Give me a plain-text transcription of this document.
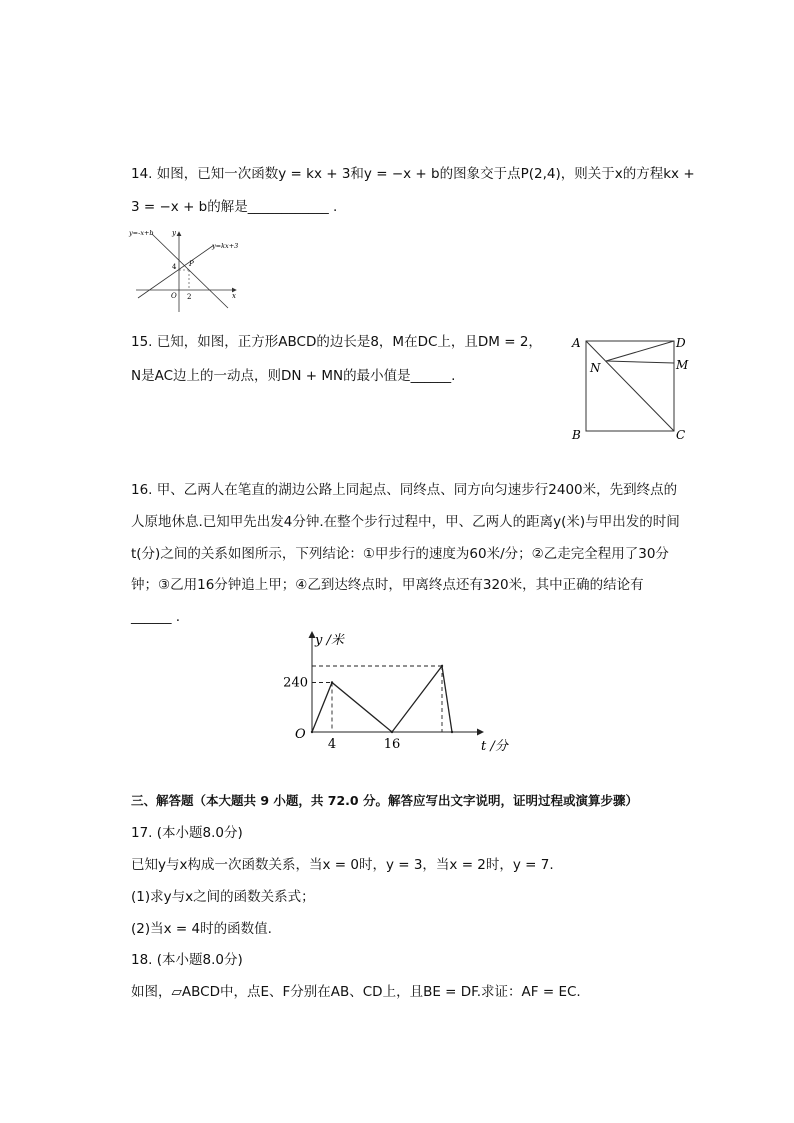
14. 如图，已知一次函数y = kx + 3和y = −x + b的图象交于点P(2,4)，则关于x的方程kx +
3 = −x + b的解是____________ .
y=-x+b
y=kx+3
y
x
P
O
4
2
15. 已知，如图，正方形ABCD的边长是8，M在DC上，且DM = 2，
N是AC边上的一动点，则DN + MN的最小值是______.
A	D
M
N
B	C
16. 甲、乙两人在笔直的湖边公路上同起点、同终点、同方向匀速步行2400米，先到终点的
人原地休息.已知甲先出发4分钟.在整个步行过程中，甲、乙两人的距离y(米)与甲出发的时间
t(分)之间的关系如图所示，下列结论：①甲步行的速度为60米/分；②乙走完全程用了30分
钟；③乙用16分钟追上甲；④乙到达终点时，甲离终点还有320米，其中正确的结论有
______ .
y /米
t /分
O
4	16
240
三、解答题（本大题共 9 小题，共 72.0 分。解答应写出文字说明，证明过程或演算步骤）
17. (本小题8.0分)
已知y与x构成一次函数关系，当x = 0时，y = 3，当x = 2时，y = 7.
(1)求y与x之间的函数关系式；
(2)当x = 4时的函数值.
18. (本小题8.0分)
如图，▱ABCD中，点E、F分别在AB、CD上，且BE = DF.求证：AF = EC.
